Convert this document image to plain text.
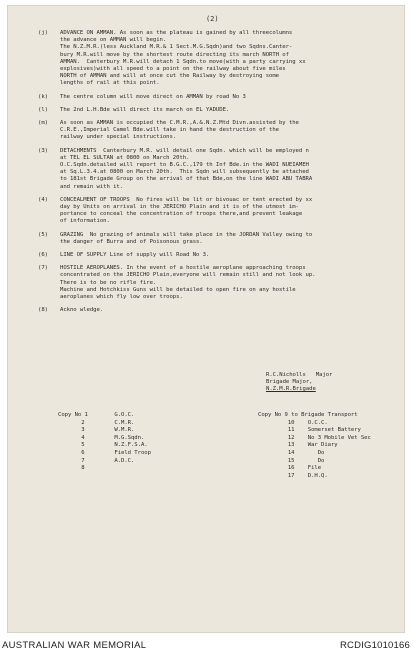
(2)
(j)	ADVANCE ON AMMAN. As soon as the plateau is gained by all threecolumns
the advance on AMMAN will begin.
The N.Z.M.R.(less Auckland M.R.& 1 Sect.M.G.Sqdn)and two Sqdns.Canter-
bury M.R.will move by the shortest route directing its march NORTH of
AMMAN.  Canterbury M.R.will detach 1 Sqdn.to move(with a party carrying xx
explosives)with all speed to a point on the railway about five miles
NORTH of AMMAN and will at once cut the Railway by destroying some
lengths of rail at this point.
(k)	The centre column will move direct on AMMAN by road No 3
(l)	The 2nd L.H.Bde will direct its march on EL YADUDE.
(m)	As soon as AMMAN is occupied the C.M.R.,A.&.N.Z.Mtd Divn.assisted by the
C.R.E.,Imperial Camel Bde.will take in hand the destruction of the
railway under special instructions.
(3)	DETACHMENTS  Canterbury M.R. will detail one Sqdn. which will be employed n
at TEL EL SULTAN at 0800 on March 20th.
O.C.Sqdn.detailed will report to B.G.C.,179 th Inf Bde.in the WADI NUEIAMEH
at Sq.L.3.4.at 0800 on March 20th.  This Sqdn will subsequently be attached
to 181st Brigade Group on the arrival of that Bde,on the line WADI ABU TABRA
and remain with it.
(4)	CONCEALMENT OF TROOPS  No fires will be lit or bivouac or tent erected by xx
day by Units on arrival in the JERICHO Plain and it is of the utmost im-
portance to conceal the concentration of troops there,and prevent leakage
of information.
(5)	GRAZING  No grazing of animals will take place in the JORDAN Valley owing to
the danger of Burra and of Poisonous grass.
(6)	LINE OF SUPPLY Line of supply will Road No 3.
(7)	HOSTILE AEROPLANES. In the event of a hostile aeroplane approaching troops
concentrated on the JERICHO Plain,everyone will remain still and not look up.
There is to be no rifle fire.
Machine and Hotchkiss Guns will be detailed to open fire on any hostile
aeroplanes which fly low over troops.
(8)	Ackno wledge.
R.C.Nicholls   Major
Brigade Major,
N.Z.M.R.Brigade
Copy No 1        G.O.C.
2         C.M.R.
3         W.M.R.
4         M.G.Sqdn.
5         N.Z.F.S.A.
6         Field Troop
7         A.D.C.
8
Copy No 9 to Brigade Transport
10    O.C.C.
11    Somerset Battery
12    No 3 Mobile Vet Sec
13    War Diary
14       Do
15       Do
16    File
17    D.H.Q.
AUSTRALIAN WAR MEMORIAL	RCDIG1010166
